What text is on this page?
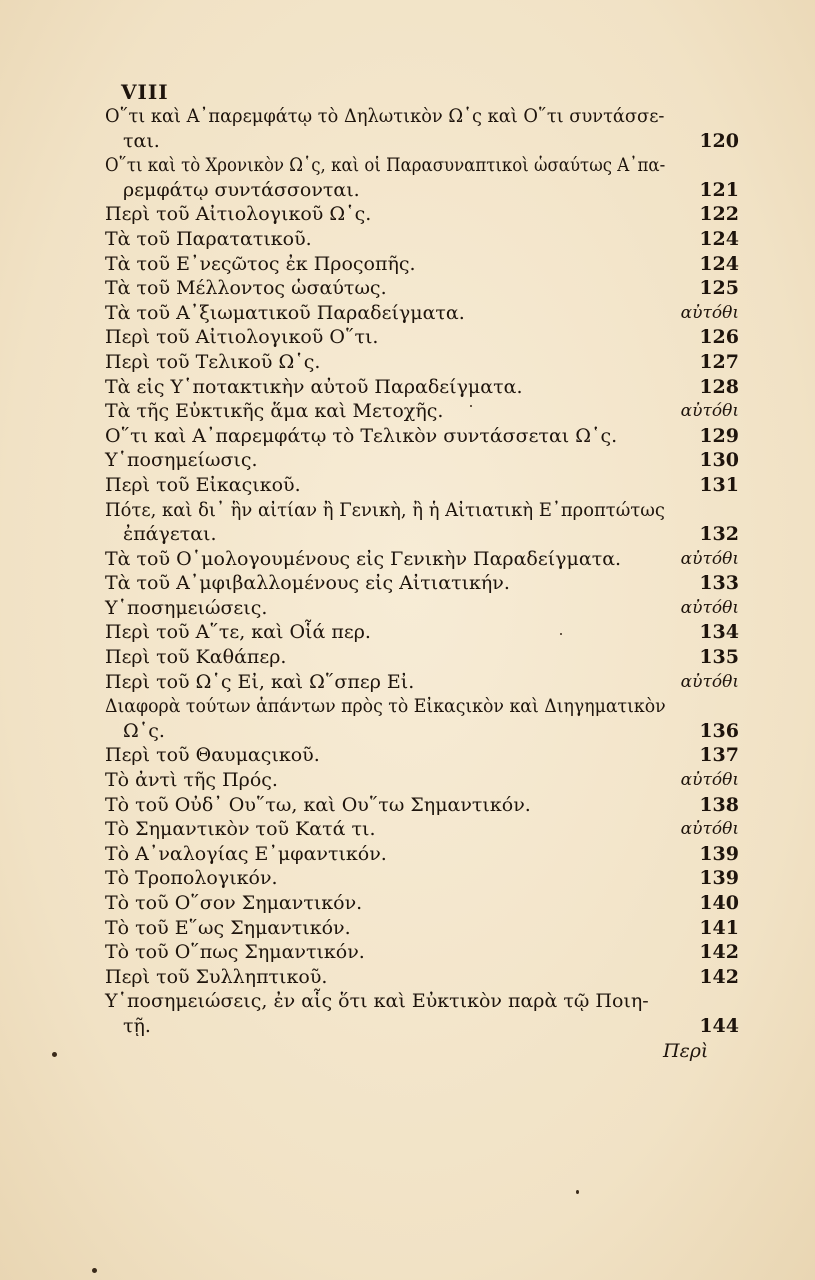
VIII
Ο῞τι καὶ Α᾽παρεμφάτῳ τὸ Δηλωτικὸν Ω῾ς καὶ Ο῞τι συντάσσε-
ται.	120
Ο῞τι καὶ τὸ Χρονικὸν Ω῾ς, καὶ οἱ Παρασυναπτικοὶ ὡσαύτως Α᾽πα-
ρεμφάτῳ συντάσσονται.	121
Περὶ τοῦ Αἰτιολογικοῦ Ω῾ς.	122
Τὰ τοῦ Παρατατικοῦ.	124
Τὰ τοῦ Ε᾽νεςῶτος ἐκ Προςοπῆς.	124
Τὰ τοῦ Μέλλοντος ὡσαύτως.	125
Τὰ τοῦ Α᾽ξιωματικοῦ Παραδείγματα.	αὐτόθι
Περὶ τοῦ Αἰτιολογικοῦ Ο῞τι.	126
Περὶ τοῦ Τελικοῦ Ω῾ς.	127
Τὰ εἰς Υ῾ποτακτικὴν αὐτοῦ Παραδείγματα.	128
Τὰ τῆς Εὐκτικῆς ἅμα καὶ Μετοχῆς.	αὐτόθι
Ο῞τι καὶ Α᾽παρεμφάτῳ τὸ Τελικὸν συντάσσεται Ω῾ς.	129
Υ῾ποσημείωσις.	130
Περὶ τοῦ Εἰκαςικοῦ.	131
Πότε, καὶ δι᾽ ἣν αἰτίαν ἢ Γενικὴ, ἢ ἡ Αἰτιατικὴ Ε᾽προπτώτως
ἐπάγεται.	132
Τὰ τοῦ Ο῾μολογουμένους εἰς Γενικὴν Παραδείγματα.	αὐτόθι
Τὰ τοῦ Α᾽μφιβαλλομένους εἰς Αἰτιατικήν.	133
Υ῾ποσημειώσεις.	αὐτόθι
Περὶ τοῦ Α῞τε, καὶ Οἷά περ.	134
Περὶ τοῦ Καθάπερ.	135
Περὶ τοῦ Ω῾ς Εἰ, καὶ Ω῞σπερ Εἰ.	αὐτόθι
Διαφορὰ τούτων ἁπάντων πρὸς τὸ Εἰκαςικὸν καὶ Διηγηματικὸν
Ω῾ς.	136
Περὶ τοῦ Θαυμαςικοῦ.	137
Τὸ ἀντὶ τῆς Πρός.	αὐτόθι
Τὸ τοῦ Οὐδ᾽ Ου῞τω, καὶ Ου῞τω Σημαντικόν.	138
Τὸ Σημαντικὸν τοῦ Κατά τι.	αὐτόθι
Τὸ Α᾽ναλογίας Ε᾽μφαντικόν.	139
Τὸ Τροπολογικόν.	139
Τὸ τοῦ Ο῞σον Σημαντικόν.	140
Τὸ τοῦ Ε῞ως Σημαντικόν.	141
Τὸ τοῦ Ο῞πως Σημαντικόν.	142
Περὶ τοῦ Συλληπτικοῦ.	142
Υ῾ποσημειώσεις, ἐν αἷς ὅτι καὶ Εὐκτικὸν παρὰ τῷ Ποιη-
τῇ.	144
Περὶ
